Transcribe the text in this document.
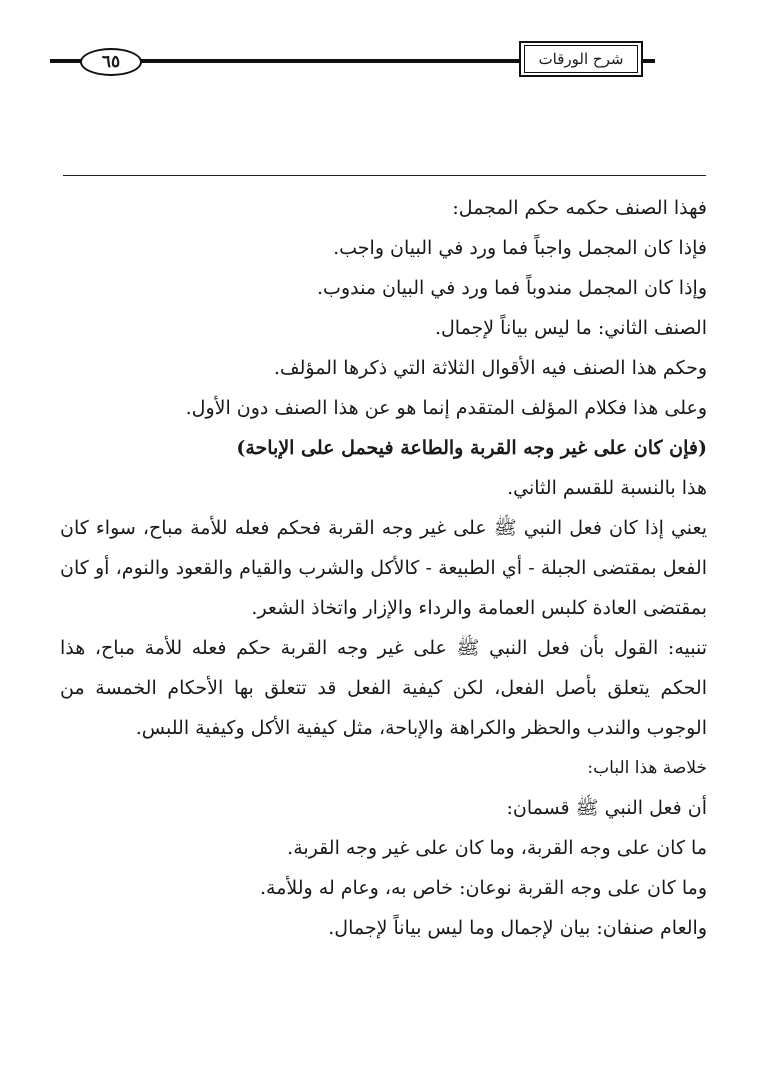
٦٥	شرح الورقات

فهذا الصنف حكمه حكم المجمل:

فإذا كان المجمل واجباً فما ورد في البيان واجب.

وإذا كان المجمل مندوباً فما ورد في البيان مندوب.

الصنف الثاني: ما ليس بياناً لإجمال.

وحكم هذا الصنف فيه الأقوال الثلاثة التي ذكرها المؤلف.

وعلى هذا فكلام المؤلف المتقدم إنما هو عن هذا الصنف دون الأول.

(فإن كان على غير وجه القربة والطاعة فيحمل على الإباحة)

هذا بالنسبة للقسم الثاني.

يعني إذا كان فعل النبي ﷺ على غير وجه القربة فحكم فعله للأمة مباح، سواء كان الفعل بمقتضى الجبلة - أي الطبيعة - كالأكل والشرب والقيام والقعود والنوم، أو كان بمقتضى العادة كلبس العمامة والرداء والإزار واتخاذ الشعر.

تنبيه: القول بأن فعل النبي ﷺ على غير وجه القربة حكم فعله للأمة مباح، هذا الحكم يتعلق بأصل الفعل، لكن كيفية الفعل قد تتعلق بها الأحكام الخمسة من الوجوب والندب والحظر والكراهة والإباحة، مثل كيفية الأكل وكيفية اللبس.

خلاصة هذا الباب:

أن فعل النبي ﷺ قسمان:

ما كان على وجه القربة، وما كان على غير وجه القربة.

وما كان على وجه القربة نوعان: خاص به، وعام له وللأمة.

والعام صنفان: بيان لإجمال وما ليس بياناً لإجمال.
